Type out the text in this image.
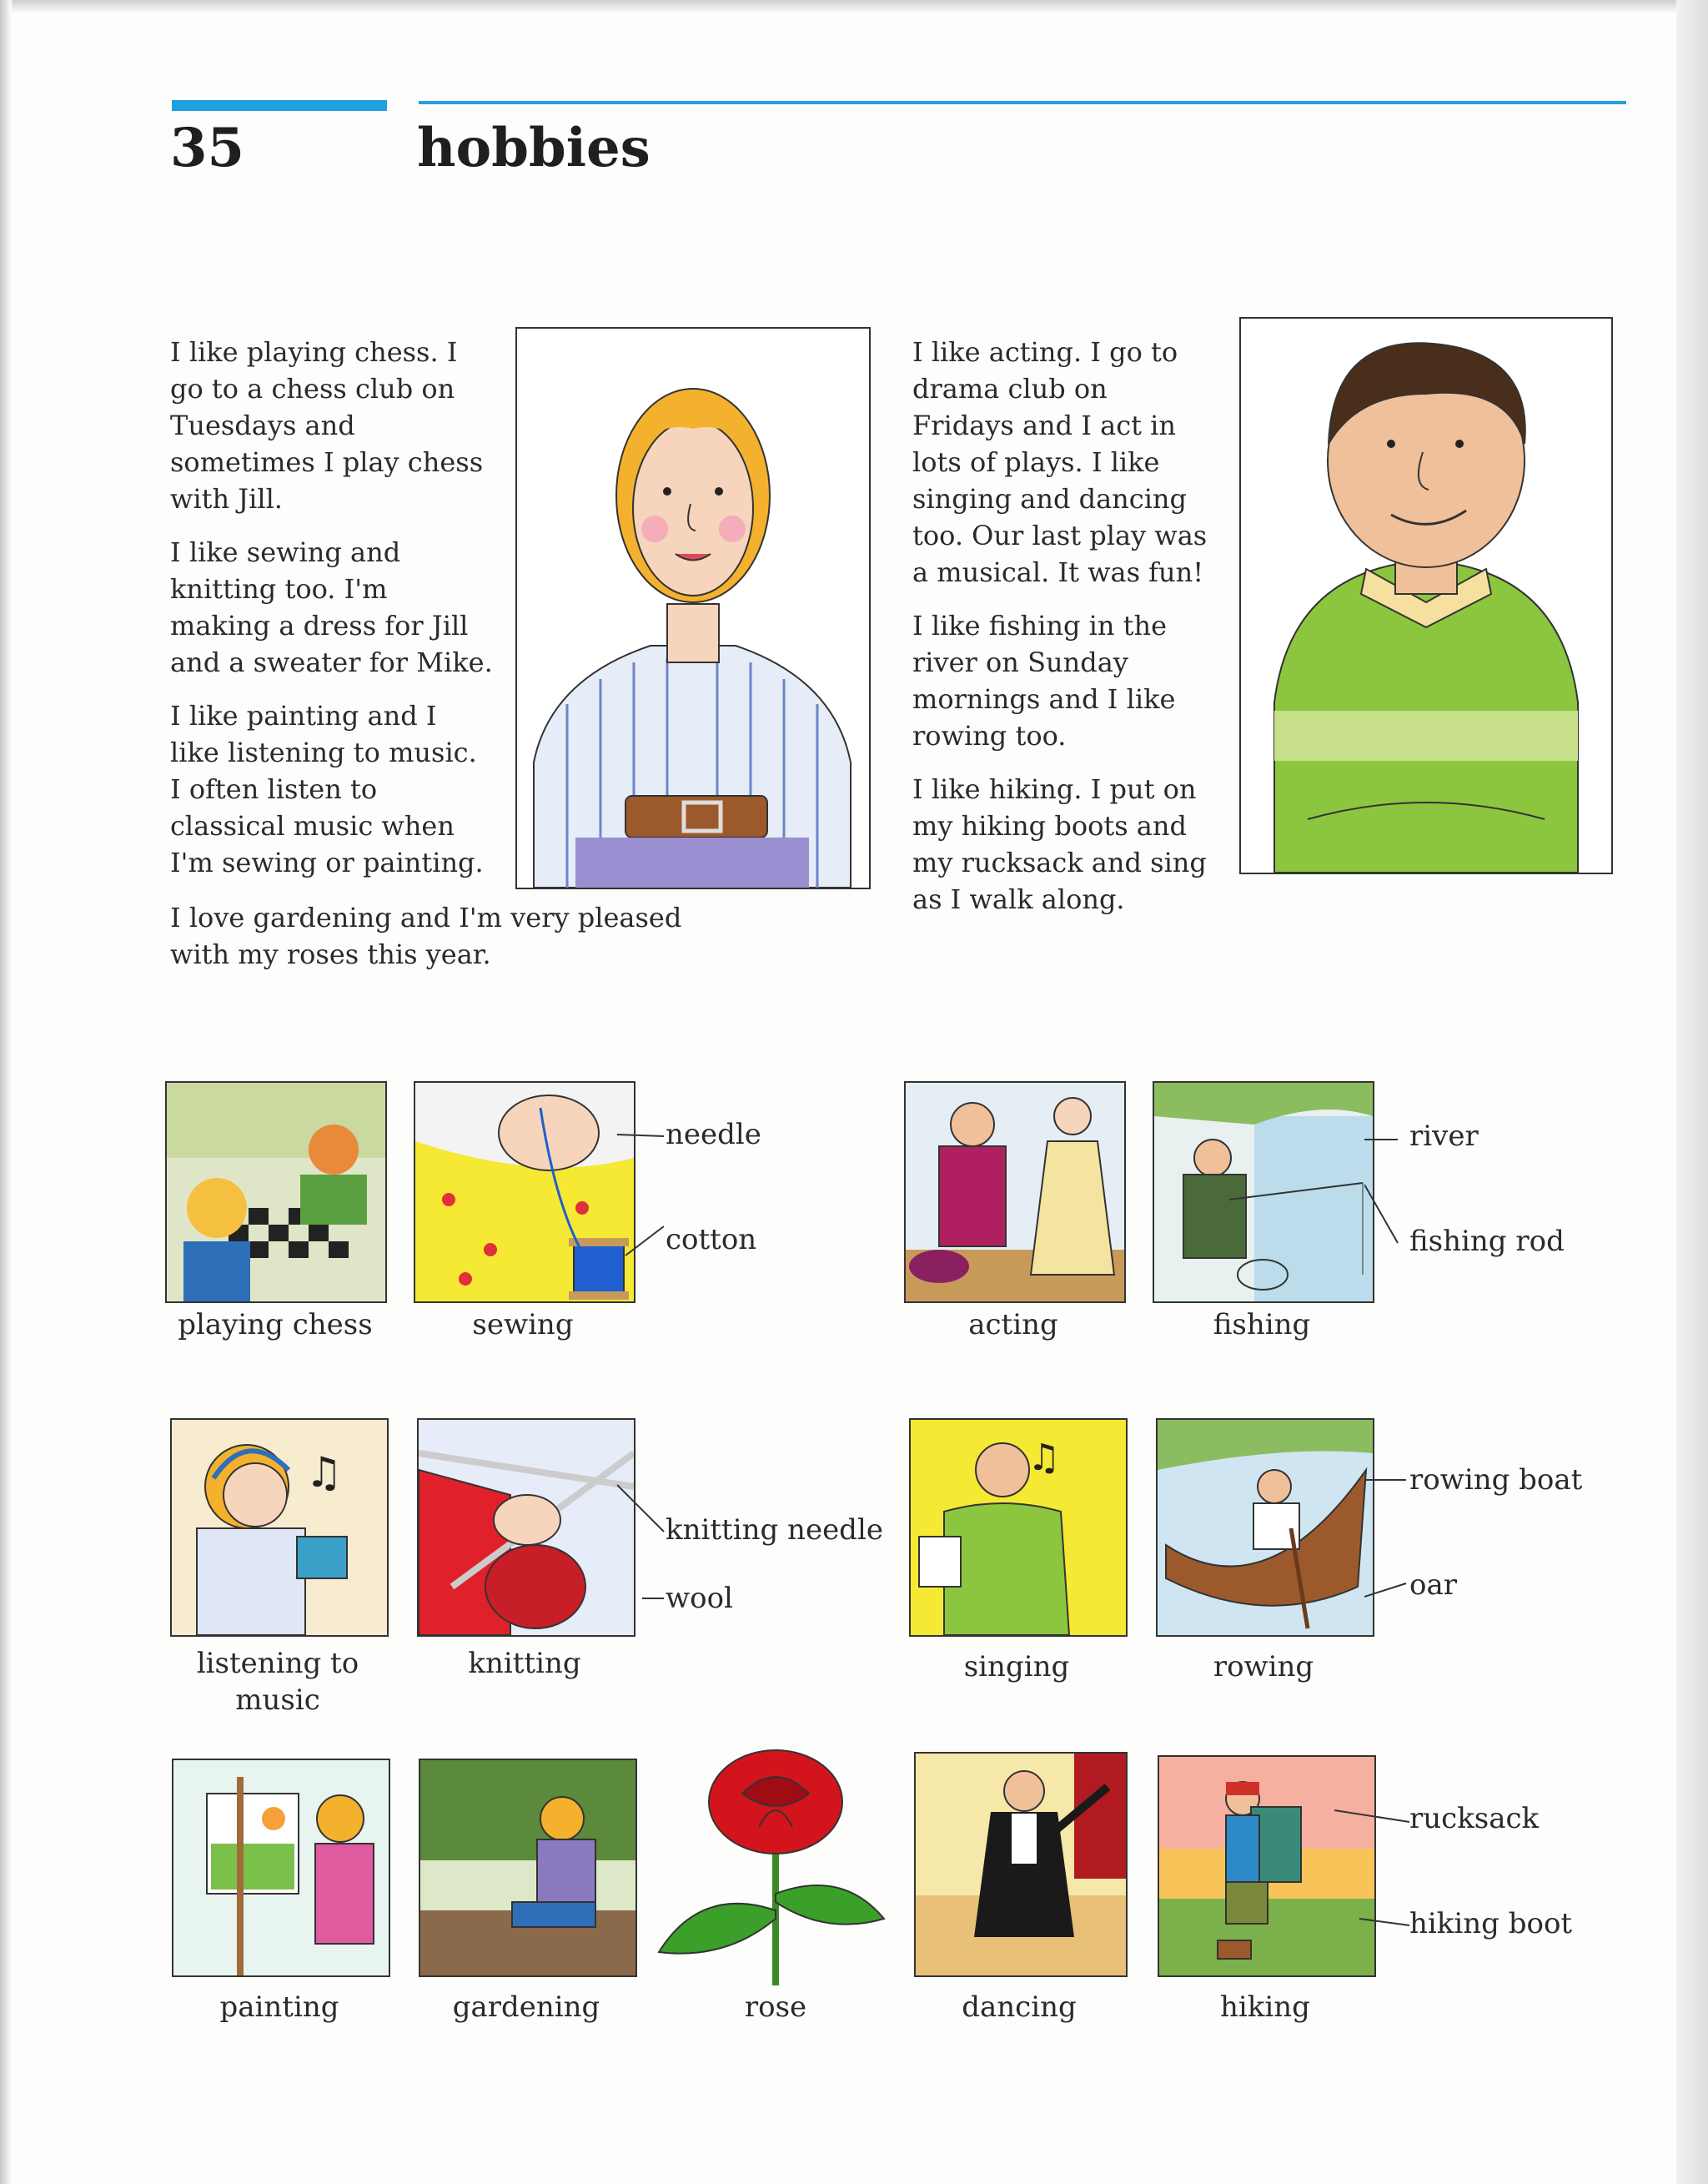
35	hobbies

I like playing chess. I
go to a chess club on
Tuesdays and
sometimes I play chess
with Jill.

I like sewing and
knitting too. I'm
making a dress for Jill
and a sweater for Mike.

I like painting and I
like listening to music.
I often listen to
classical music when
I'm sewing or painting.

I love gardening and I'm very pleased
with my roses this year.

I like acting. I go to
drama club on
Fridays and I act in
lots of plays. I like
singing and dancing
too. Our last play was
a musical. It was fun!

I like fishing in the
river on Sunday
mornings and I like
rowing too.

I like hiking. I put on
my hiking boots and
my rucksack and sing
as I walk along.

playing chess	sewing
needle
cotton
acting	fishing
river
fishing rod
♫
listening to
music
knitting
knitting needle
wool
♫
singing	rowing
rowing boat
oar
painting	gardening	rose	dancing	hiking
rucksack
hiking boot
